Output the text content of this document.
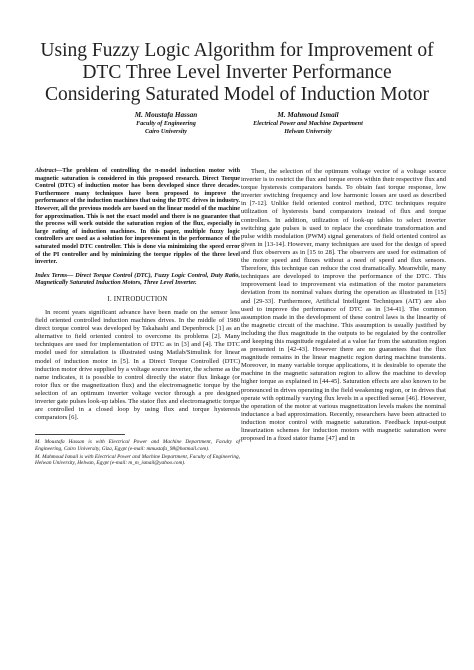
Using Fuzzy Logic Algorithm for Improvement of DTC Three Level Inverter Performance Considering Saturated Model of Induction Motor
M. Moustafa Hassan
Faculty of Engineering
Cairo University
M. Mahmoud Ismail
Electrical Power and Machine Department
Helwan University

Abstract—The problem of controlling the π-model induction motor with magnetic saturation is considered in this proposed research. Direct Torque Control (DTC) of induction motor has been developed since three decades. Furthermore many techniques have been proposed to improve the performance of the induction machines that using the DTC drives in industry. However, all the previous models are based on the linear model of the machine for approximation. This is not the exact model and there is no guarantee that the process will work outside the saturation region of the flux, especially in large rating of induction machines. In this paper, multiple fuzzy logic controllers are used as a solution for improvement in the performance of the saturated model DTC controller. This is done via minimizing the speed error of the PI controller and by minimizing the torque ripples of the three level inverter.

Index Terms— Direct Torque Control (DTC), Fuzzy Logic Control, Duty Ratio, Magnetically Saturated Induction Motors, Three Level Inverter.

I. INTRODUCTION

In recent years significant advance have been made on the sensor less field oriented controlled induction machines drives. In the middle of 1980 direct torque control was developed by Takahashi and Depenbrock [1] as an alternative to field oriented control to overcome its problems [2]. Many techniques are used for implementation of DTC as in [3] and [4]. The DTC model used for simulation is illustrated using Matlab/Simulink for linear model of induction motor in [5]. In a Direct Torque Controlled (DTC) induction motor drive supplied by a voltage source inverter, the scheme as the name indicates, it is possible to control directly the stator flux linkage (or rotor flux or the magnetization flux) and the electromagnetic torque by the selection of an optimum inverter voltage vector through a pre designed inverter gate pulses look-up tables. The stator flux and electromagnetic torque are controlled in a closed loop by using flux and torque hysteresis comparators [6].

M. Moustafa Hassan is with Electrical Power and Machine Department, Faculty of Engineering, Cairo University, Giza, Egypt (e-mail: mmustafa_98@hotmail.com).

M. Mahmoud Ismail is with Electrical Power and Machine Department, Faculty of Engineering, Helwan University, Helwan, Egypt (e-mail: m_m_ismail@yahoo.com).

Then, the selection of the optimum voltage vector of a voltage source inverter is to restrict the flux and torque errors within their respective flux and torque hysteresis comparators bands. To obtain fast torque response, low inverter switching frequency and low harmonic losses are used as described in [7-12]. Unlike field oriented control method, DTC techniques require utilization of hysteresis band comparators instead of flux and torque controllers. In addition, utilization of look-up tables to select inverter switching gate pulses is used to replace the coordinate transformation and pulse width modulation (PWM) signal generators of field oriented control as given in [13-14]. However, many techniques are used for the design of speed and flux observers as in [15 to 28]. The observers are used for estimation of the motor speed and fluxes without a need of speed and flux sensors. Therefore, this technique can reduce the cost dramatically. Meanwhile, many techniques are developed to improve the performance of the DTC. This improvement lead to improvement via estimation of the motor parameters deviation from its nominal values during the operation as illustrated in [15] and [29-33]. Furthermore, Artificial Intelligent Techniques (AIT) are also used to improve the performance of DTC as in [34-41]. The common assumption made in the development of these control laws is the linearity of the magnetic circuit of the machine. This assumption is usually justified by including the flux magnitude in the outputs to be regulated by the controller and keeping this magnitude regulated at a value far from the saturation region as presented in [42-43]. However there are no guarantees that the flux magnitude remains in the linear magnetic region during machine transients. Moreover, in many variable torque applications, it is desirable to operate the machine in the magnetic saturation region to allow the machine to develop higher torque as explained in [44-45]. Saturation effects are also known to be pronounced in drives operating in the field weakening region, or in drives that operate with optimally varying flux levels in a specified sense [46]. However, the operation of the motor at various magnetization levels makes the nominal inductance a bad approximation. Recently, researchers have been attracted to induction motor control with magnetic saturation. Feedback input-output linearization schemes for induction motors with magnetic saturation were proposed in a fixed stator frame [47] and in
